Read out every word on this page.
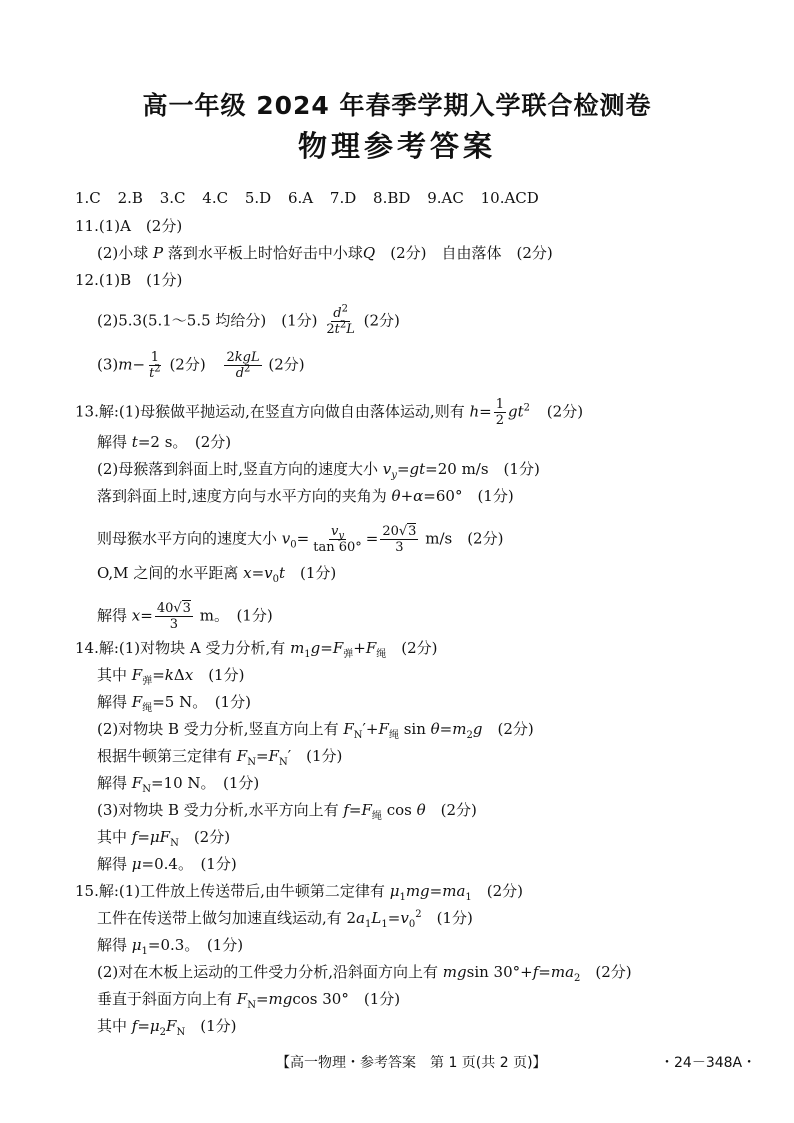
高一年级 2024 年春季学期入学联合检测卷
物理参考答案
1.C 2.B 3.C 4.C 5.D 6.A 7.D 8.BD 9.AC 10.ACD
11.(1)A　(2分)
(2)小球 P 落到水平板上时恰好击中小球Q　(2分)　自由落体　(2分)
12.(1)B　(1分)
(2)5.3(5.1～5.5 均给分)　(1分) $\frac{d^2}{2t^2L} (2$分)
$(3)m- \frac{1}{t^2} (2$分) $\frac{\text{2kgL}}{d^2} (2$分)
13.解:(1)母猴做平抛运动,在竖直方向做自由落体运动,则有 $h= \frac{1}{2} gt^2$ (2分)
解得 t=2 s。　(2分)
(2)母猴落到斜面上时,竖直方向的速度大小 $v_y=gt=20$ m/s　(1分)
落到斜面上时,速度方向与水平方向的夹角为 θ+α=60°　(1分)
则母猴水平方向的速度大小 $v_0= \frac{v_y}{\tan 60^\circ} = \frac{20√3}{3} m/s$　(2分)
O,M 之间的水平距离 $x=v_0t$　(1分)
解得 $x= \frac{40√3}{3}$ m。　(1分)
14.解:(1)对物块 A 受力分析,有 $m_1g=F_弹+F_绳$　(2分)
其中 $F_弹=k\Delta x$　(1分)
解得 $F_绳=5$ N。　(1分)
(2)对物块 B 受力分析,竖直方向上有 $F_N'+F_绳$ $\sin \theta=m_2g$　(2分)
根据牛顿第三定律有 $F_N=F_N'$　(1分)
解得 $F_N=10$ N。　(1分)
(3)对物块 B 受力分析,水平方向上有 $f=F_绳$ cos θ　(2分)
其中 $f=\mu F_N$　(2分)
解得 μ=0.4。　(1分)
15.解:(1)工件放上传送带后,由牛顿第二定律有 $\mu_1mg=ma_1$　(2分)
工件在传送带上做匀加速直线运动,有 $2a_1L_1=v_0^2$　(1分)
解得 $\mu_1=0.3$。　(1分)
(2)对在木板上运动的工件受力分析,沿斜面方向上有 mgsin $30^\circ+f=ma_2$　(2分)
垂直于斜面方向上有 $F_N=mgcos$ 30°　(1分)
其中 $f=\mu_2F_N$　(1分)
【高一物理・参考答案　第 1 页(共 2 页)】	・24－348A・
